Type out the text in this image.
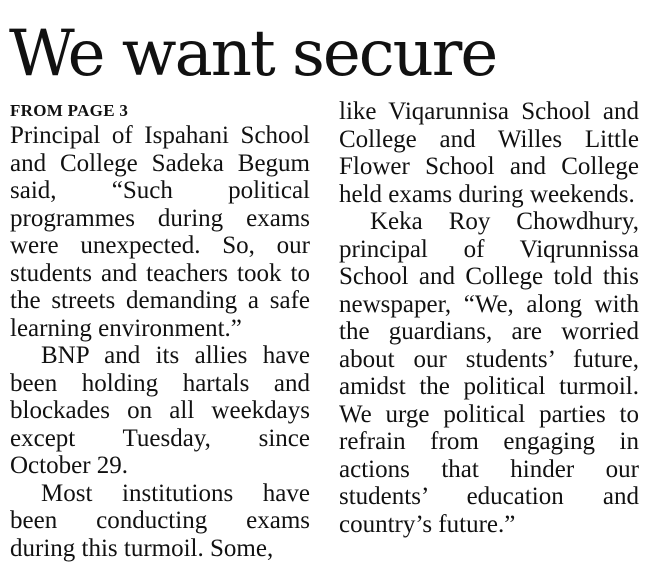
We want secure
FROM PAGE 3

Principal of Ispahani School and College Sadeka Begum said, “Such political programmes during exams were unexpected. So, our students and teachers took to the streets demanding a safe learning environment.”

BNP and its allies have been holding hartals and blockades on all weekdays except Tuesday, since October 29.

Most institutions have been conducting exams during this turmoil. Some,

like Viqarunnisa School and College and Willes Little Flower School and College held exams during weekends.

Keka Roy Chowdhury, principal of Viqrunnissa School and College told this newspaper, “We, along with the guardians, are worried about our students’ future, amidst the political turmoil. We urge political parties to refrain from engaging in actions that hinder our students’ education and country’s future.”
